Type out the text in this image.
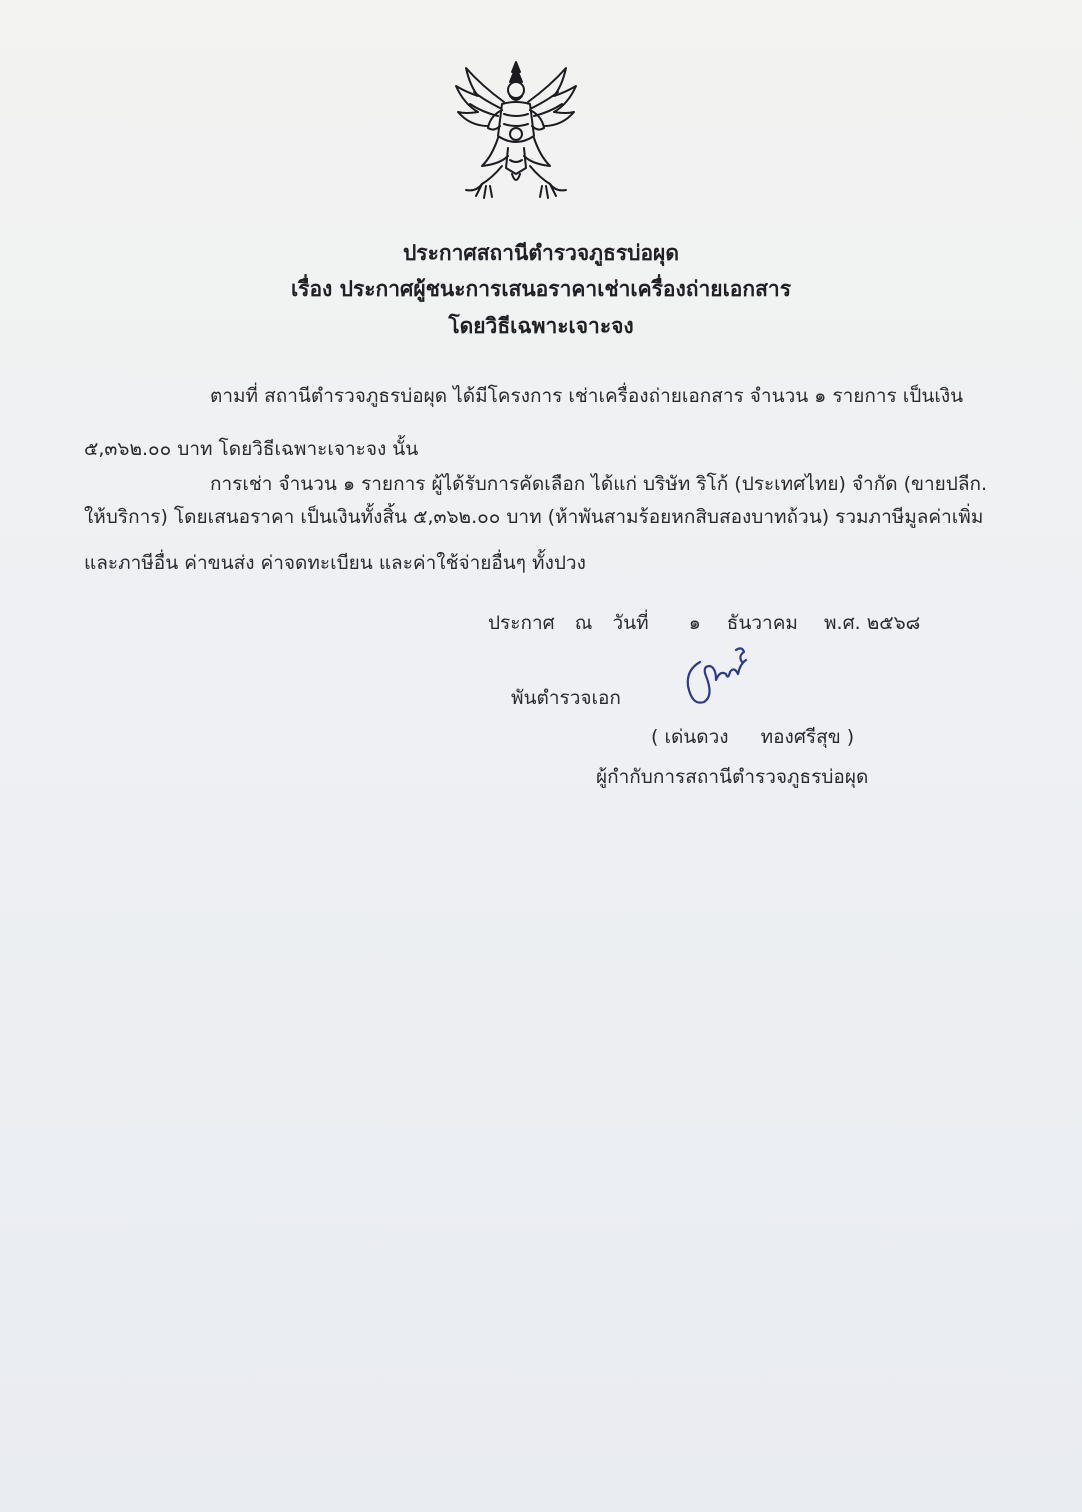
ประกาศสถานีตำรวจภูธรบ่อผุด
เรื่อง ประกาศผู้ชนะการเสนอราคาเช่าเครื่องถ่ายเอกสาร
โดยวิธีเฉพาะเจาะจง
ตามที่ สถานีตำรวจภูธรบ่อผุด ได้มีโครงการ เช่าเครื่องถ่ายเอกสาร จำนวน ๑ รายการ เป็นเงิน
๕,๓๖๒.๐๐ บาท โดยวิธีเฉพาะเจาะจง นั้น
การเช่า จำนวน ๑ รายการ ผู้ได้รับการคัดเลือก ได้แก่ บริษัท ริโก้ (ประเทศไทย) จำกัด (ขายปลีก.
ให้บริการ) โดยเสนอราคา เป็นเงินทั้งสิ้น ๕,๓๖๒.๐๐ บาท (ห้าพันสามร้อยหกสิบสองบาทถ้วน) รวมภาษีมูลค่าเพิ่ม
และภาษีอื่น ค่าขนส่ง ค่าจดทะเบียน และค่าใช้จ่ายอื่นๆ ทั้งปวง
ประกาศ ณ วันที่ ๑ ธันวาคม พ.ศ. ๒๕๖๘
พันตำรวจเอก
( เด่นดวง ทองศรีสุข )
ผู้กำกับการสถานีตำรวจภูธรบ่อผุด
